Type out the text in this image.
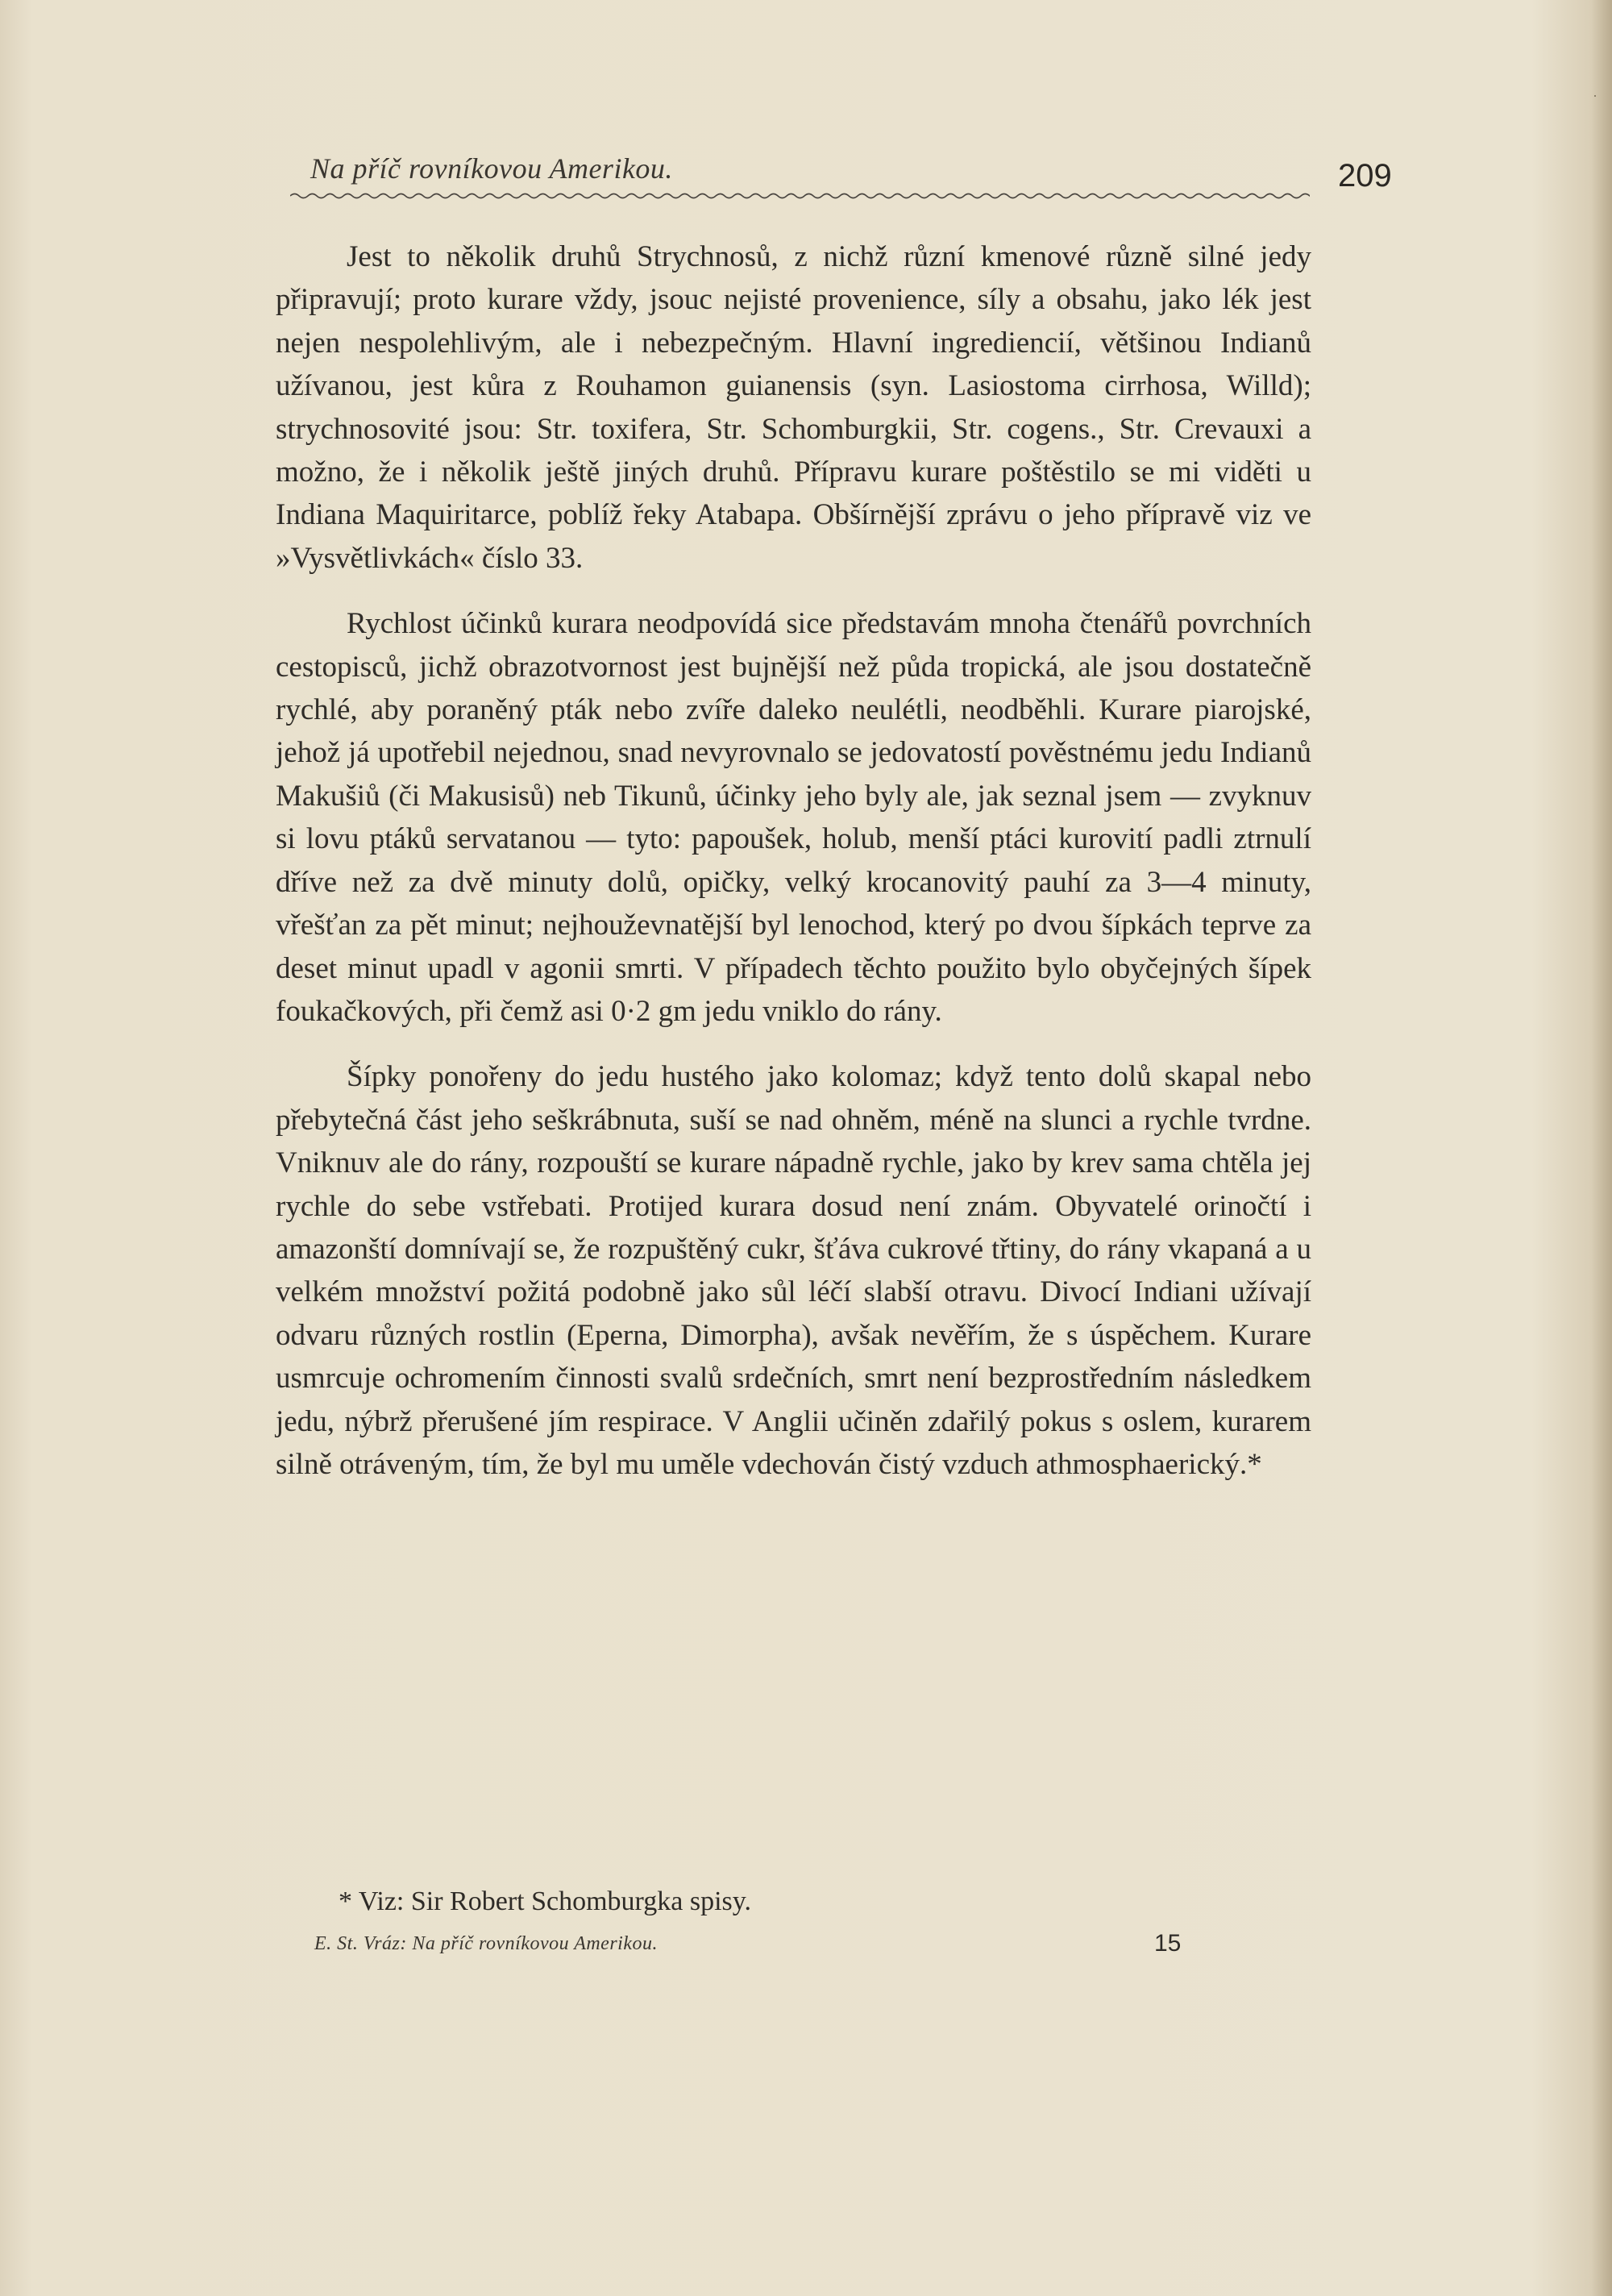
Na příč rovníkovou Amerikou.	209

Jest to několik druhů Strychnosů, z nichž různí kmenové různě silné jedy připravují; proto kurare vždy, jsouc nejisté provenience, síly a obsahu, jako lék jest nejen nespolehlivým, ale i nebezpečným. Hlavní ingrediencií, většinou Indianů užívanou, jest kůra z Rouhamon guianensis (syn. Lasiostoma cirrhosa, Willd); strychnosovité jsou: Str. toxifera, Str. Schomburgkii, Str. cogens., Str. Crevauxi a možno, že i několik ještě jiných druhů. Přípravu kurare poštěstilo se mi viděti u Indiana Maquiritarce, poblíž řeky Atabapa. Obšírnější zprávu o jeho přípravě viz ve »Vysvětlivkách« číslo 33.

Rychlost účinků kurara neodpovídá sice představám mnoha čtenářů povrchních cestopisců, jichž obrazotvornost jest bujnější než půda tropická, ale jsou dostatečně rychlé, aby poraněný pták nebo zvíře daleko neulétli, neodběhli. Kurare piarojské, jehož já upotřebil nejednou, snad nevyrovnalo se jedovatostí pověstnému jedu Indianů Makušiů (či Makusisů) neb Tikunů, účinky jeho byly ale, jak seznal jsem — zvyknuv si lovu ptáků servatanou — tyto: papoušek, holub, menší ptáci kurovití padli ztrnulí dříve než za dvě minuty dolů, opičky, velký krocanovitý pauhí za 3—4 minuty, vřešťan za pět minut; nejhouževnatější byl lenochod, který po dvou šípkách teprve za deset minut upadl v agonii smrti. V případech těchto použito bylo obyčejných šípek foukačkových, při čemž asi 0·2 gm jedu vniklo do rány.

Šípky ponořeny do jedu hustého jako kolomaz; když tento dolů skapal nebo přebytečná část jeho seškrábnuta, suší se nad ohněm, méně na slunci a rychle tvrdne. Vniknuv ale do rány, rozpouští se kurare nápadně rychle, jako by krev sama chtěla jej rychle do sebe vstřebati. Protijed kurara dosud není znám. Obyvatelé orinočtí i amazonští domnívají se, že rozpuštěný cukr, šťáva cukrové třtiny, do rány vkapaná a u velkém množství požitá podobně jako sůl léčí slabší otravu. Divocí Indiani užívají odvaru různých rostlin (Eperna, Dimorpha), avšak nevěřím, že s úspěchem. Kurare usmrcuje ochromením činnosti svalů srdečních, smrt není bezprostředním následkem jedu, nýbrž přerušené jím respirace. V Anglii učiněn zdařilý pokus s oslem, kurarem silně otráveným, tím, že byl mu uměle vdechován čistý vzduch athmosphaerický.*

* Viz: Sir Robert Schomburgka spisy.
E. St. Vráz: Na příč rovníkovou Amerikou.	15
